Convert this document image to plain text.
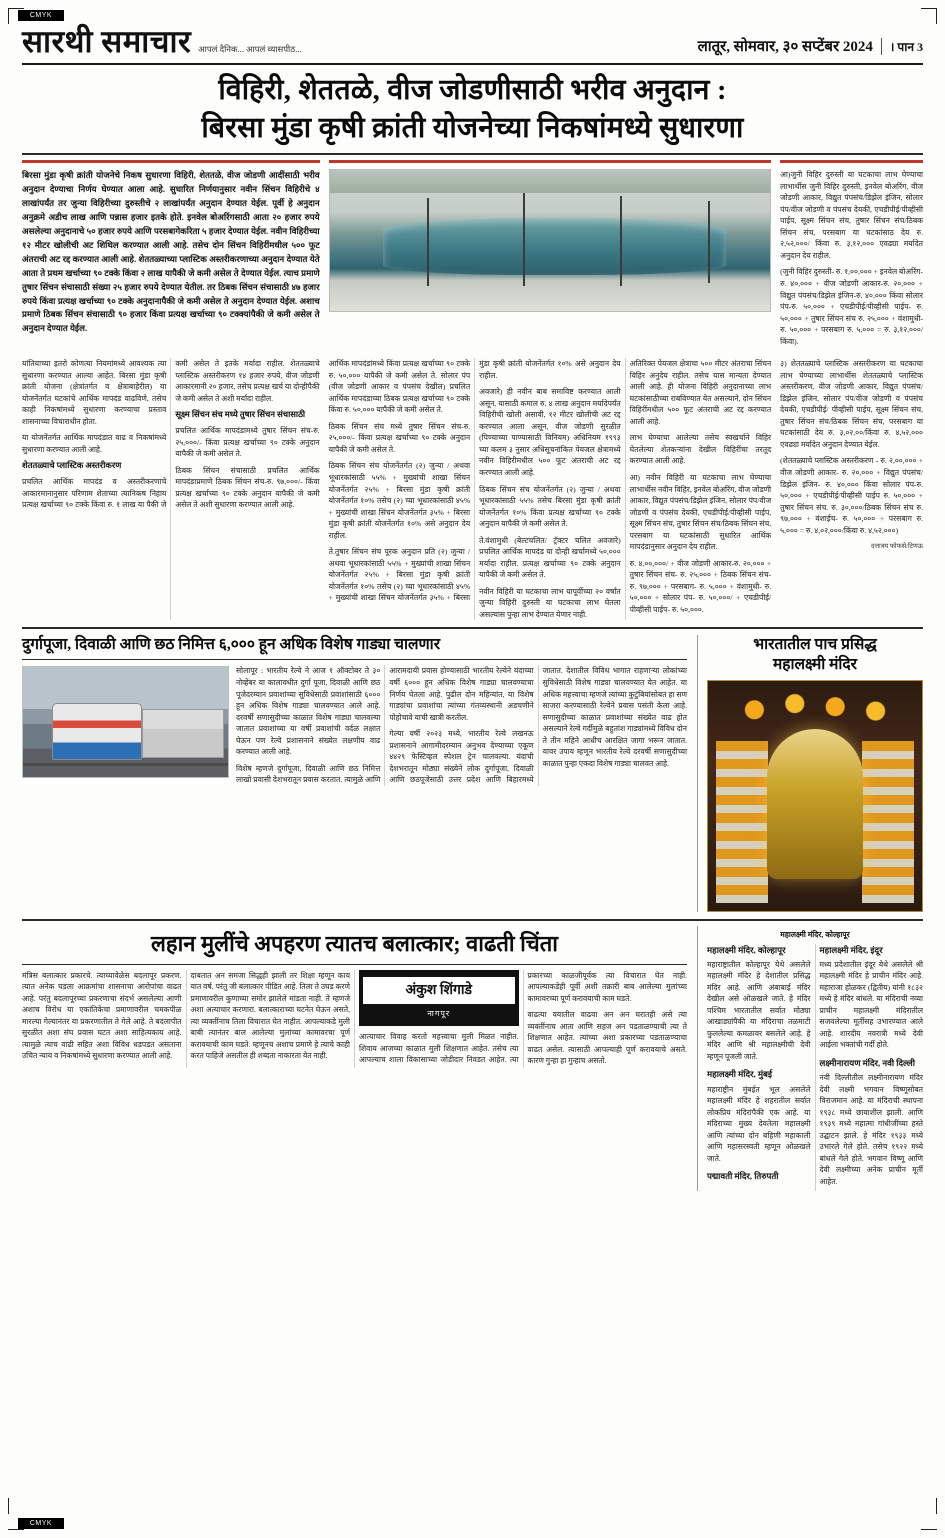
CMYK
CMYK
सारथी समाचार आपलं दैनिक... आपलं व्यासपीठ...	लातूर, सोमवार, ३० सप्टेंबर 2024	। पान 3
विहिरी, शेततळे, वीज जोडणीसाठी भरीव अनुदान :
बिरसा मुंडा कृषी क्रांती योजनेच्या निकषांमध्ये सुधारणा
बिरसा मुंडा कृषी क्रांती योजनेचे निकष सुधारणा विहिरी, शेततळे, वीज जोडणी आदींसाठी भरीव अनुदान देण्याचा निर्णय घेण्यात आला आहे. सुधारित निर्णयानुसार नवीन सिंचन विहिरीचे ४ लाखांपर्यंत तर जुन्या विहिरीच्या दुरुस्तीचे २ लाखांपर्यंत अनुदान देण्यात येईल. पूर्वी हे अनुदान अनुक्रमे अडीच लाख आणि पन्नास हजार इतके होते. इनवेल बोअरिंगसाठी आता २० हजार रुपये असलेल्या अनुदानाचे ५० हजार रुपये आणि परसबागेकरिता ५ हजार देण्यात येईल. नवीन विहिरीच्या १२ मीटर खोलीची अट शिथिल करण्यात आली आहे. तसेच दोन सिंचन विहिरींमधील ५०० फूट अंतराची अट रद्द करण्यात आली आहे. शेततळ्याच्या प्लास्टिक अस्तरीकरणाच्या अनुदान देण्यात येते आता ते प्रथम खर्चाच्या ९० टक्के किंवा २ लाख यापैकी जे कमी असेल ते देण्यात येईल. त्याच प्रमाणे तुषार सिंचन संचासाठी संख्या २५ हजार रुपये देण्यात येतील. तर ठिबक सिंचन संचासाठी ४७ हजार रुपये किंवा प्रत्यक्ष खर्चाच्या ९० टक्के अनुदानापैकी जे कमी असेल ते अनुदान देण्यात येईल. अशाच प्रमाणे ठिबक सिंचन संचासाठी ९० हजार किंवा प्रत्यक्ष खर्चाच्या ९० टक्क्यांपैकी जे कमी असेल ते अनुदान देण्यात येईल.

आ)जुनी विहिर दुरुस्ती या घटकाचा लाभ घेण्याचा लाभार्थीस जुनी विहिर दुरुस्ती, इनवेल बोअरिंग, वीज जोडणी आकार, विद्युत पंपसंच/डिझेल इंजिन, सोलार पंप/वीज जोडणी व पंपसंच देयकी, एचडीपीई/पीव्हीसी पाईप, सूक्ष्म सिंचन संच, तुषार सिंचन संच/ठिबक सिंचन संच, परसबाग या घटकांसाठ देय रु. २,५२,०००/ किंवा रु. ३,१२,००० एवढ्या मर्यादेत अनुदान देय राहील.

(जुनी विहिर दुरुस्ती- रु. १,००,००० + इनवेल बोअरिंग-रु. ४०,००० + वीज जोडणी आकार-रु. २०,००० + विद्युत पंपसंच/डिझेल इंजिन-रु. ४०,००० किंवा सोलार पंप-रु. ५०,००० + एचडीपीई/पीव्हीसी पाईप- रु. ५०,००० + तुषार सिंचन संच रु. २५,००० + वंशामुधी- रु. ५०,००० + परसबाग रु. ५,००० = रु. ३,१२,०००/किंवा).

यांतियाच्या इतरो कोणत्या नियमांमध्ये आवश्यक त्या सुधारणा करण्यात आल्या आहेत. बिरसा मुंडा कृषी क्रांती योजना (क्षेत्रांतर्गत व क्षेत्राबाहेरील) या योजनेंतर्गत घटकांचे आर्थिक मापदंड वाढविणे, तसेच काही निकषांमध्ये सुधारणा करण्याचा प्रस्ताव शासनाच्या विचाराधीन होता.

या योजनेंतर्गत आर्थिक मापदंडात वाढ व निकषांमध्ये सुधारणा करण्यात आली आहे.

शेततळ्याचे प्लास्टिक अस्तरीकरण

प्रचलित आर्थिक मापदंड व अस्तरीकरणाचे आकारमानानुसार परिणाम शेताच्या त्यानिकष निहाय प्रत्यक्ष खर्चाच्या ९० टक्के किंवा रु. १ लाख या पैकी जे कमी असेल ते इतके मर्यादा राहील. शेततळ्याचे प्लास्टिक अस्तरीकरण १४ हजार रुपये, वीज जोडणी आकारमानी २० हजार, तसेच प्रत्यक्ष खर्च या दोन्हीपैकी जे कमी असेल ते अशी मर्यादा राहील.

सूक्ष्म सिंचन संच मध्ये तुषार सिंचन संचासाठी

प्रचलित आर्थिक मापदंडामध्ये तुषार सिंचन संच-रु. २५,०००/- किंवा प्रत्यक्ष खर्चाच्या ९० टक्के अनुदान यापैकी जे कमी असेल ते.

ठिबक सिंचन संचासाठी प्रचलित आर्थिक मापदंडाप्रमाणे ठिबक सिंचन संच-रु. ९७,०००/- किंवा प्रत्यक्ष खर्चाच्या ९० टक्के अनुदान यापैकी जे कमी असेल ते अशी सुधारणा करण्यात आली आहे.

आर्थिक मापदंडांमध्ये किंवा प्रत्यक्ष खर्चाच्या ९० टक्के रु. ५०,००० यापैकी जे कमी असेल ते. सोलार पंप (वीज जोडणी आकार व पंपसंच देखील) प्रचलित आर्थिक मापदंडाच्या ठिबक प्रत्यक्ष खर्चाच्या ९० टक्के किंवा रु. ५०,००० यापैकी जे कमी असेल ते.

ठिबक सिंचन संच मध्ये तुषार सिंचन संच-रु. २५,०००/- किंवा प्रत्यक्ष खर्चाच्या ९० टक्के अनुदान यापैकी जे कमी असेल ते.

ठिबक सिंचन संच योजनेंतर्गत (२) जुन्या / अथवा भूधारकांसाठी ५५% + मुख्यांची शाखा सिंचन योजनेंतर्गत २५% + बिरसा मुंडा कृषी क्रांती योजनेंतर्गत १०% तसेच (२) च्या भूधारकांसाठी ४५% + मुख्यांची शाखा सिंचन योजनेंतर्गत ३५% + बिरसा मुंडा कृषी क्रांती योजनेंतर्गत १०% असे अनुदान देय राहील.

ते.तुषार सिंचन संच पूरक अनुदान प्रति (२) जुन्या / अथवा भूधारकांसाठी ५५% + मुख्यांची शाखा सिंचन योजनेंतर्गत २५% + बिरसा मुंडा कृषी क्रांती योजनेंतर्गत १०% तसेच (२) च्या भूधारकांसाठी ४५% + मुख्यांची शाखा सिंचन योजनेंतर्गत ३५% + बिरसा मुंडा कृषी क्रांती योजनेंतर्गत १०% असे अनुदान देय राहील.

अवजारे) ही नवीन बाब समाविष्ट करण्यात आली असून, यासाठी कमाल रु. ४ लाख अनुदान मर्यादेपर्यंत विहिरीची खोली असावी, १२ मीटर खोलीची अट रद्द करण्यात आला असून, वीज जोडणी सुरळीत (पिण्याच्या पाण्यासाठी विनियम) अधिनियम १९९३ च्या कलम ३ नुसार अधिसूचनांकित पेयजल क्षेत्रामध्ये नवीन विहिरीमधील ५०० फूट अंतराची अट रद्द करण्यात आली आहे.

ठिबक सिंचन संच योजनेंतर्गत (२) जुन्या / अथवा भूधारकांसाठी ५५% तसेच बिरसा मुंडा कृषी क्रांती योजनेंतर्गत १०% किंवा प्रत्यक्ष खर्चाच्या ९० टक्के अनुदान यापैकी जे कमी असेल ते.

ते.वंशामुधी (बेल्टचलित/ ट्रॅक्टर चलित अवजारे) प्रचलित आर्थिक मापदंड या दोन्ही खर्चामध्ये ५०,००० मर्यादा राहील. प्रत्यक्ष खर्चाच्या ९० टक्के अनुदान यापैकी जे कमी असेल ते.

नवीन विहिरी या घटकाचा लाभ यापूर्वीच्या २० वर्षांत जुन्या विहिरी दुरुस्ती या घटकाचा लाभ घेतला असल्यास पुन्हा लाभ देण्यात येणार नाही.

अतिरिक्त पेयजल क्षेत्राचा ५०० मीटर अंतराचा सिंचन विहिर अनुदेय राहील. तसेच यास मान्यता देण्यात आली आहे. ही योजना विहिरी अनुदानाच्या लाभ घटकांसाठीच्या राबविण्यात येत असल्याने, दोन सिंचन विहिरींमधील ५०० फूट अंतराची अट रद्द करण्यात आली आहे.

लाभ घेण्याचा आलेल्या तसेच स्वखर्चाने विहिर घेतलेल्या शेतकऱ्यांना देखील विहिरींचा तरतूद करण्यात आली आहे.

आ) नवीन विहिरी या घटकाचा लाभ घेण्याचा लाभार्थीस नवीन विहिर, इनवेल बोअरिंग, वीज जोडणी आकार, विद्युत पंपसंच/डिझेल इंजिन, सोलार पंप/वीज जोडणी व पंपसंच देयकी, एचडीपीई/पीव्हीसी पाईप, सूक्ष्म सिंचन संच, तुषार सिंचन संच/ठिबक सिंचन संच, परसबाग या घटकांसाठी सुधारित आर्थिक मापदंडानुसार अनुदान देय राहील.

रु. ४,००,०००/ + वीज जोडणी आकार-रु. २०,००० + तुषार सिंचन संच- रु. २५,००० + ठिबक सिंचन संच- रु. ९७,००० + परसबाग- रु. ५,००० + वंशामुधी- रु. ५०,००० + सोलार पंप- रु. ५०,०००/ + एचडीपीई/पीव्हीसी पाईप- रु. ५०,०००.

३) शेततळ्याचे प्लास्टिक अस्तरीकरण या घटकाचा लाभ घेण्याच्या लाभार्थीस शेततळ्याचे प्लास्टिक अस्तरीकरण, वीज जोडणी आकार, विद्युत पंपसंच/डिझेल इंजिन, सोलार पंप/वीज जोडणी व पंपसंच देयकी, एचडीपीई/ पीव्हीसी पाईप, सूक्ष्म सिंचन संच, तुषार सिंचन संच/ठिबक सिंचन संच, परसबाग या घटकांसाठी देय रु. ३,०२,००/किंवा रु. ४,५२,००० एवढ्या मर्यादेत अनुदान देण्यात येईल.

(शेततळ्याचे प्लास्टिक अस्तरीकरण - रु. २,००,००० + वीज जोडणी आकार- रु. २०,००० + विद्युत पंपसंच/डिझेल इंजिन- रु. ४०,००० किंवा सोलार पंप-रु. ५०,००० + एचडीपीई/पीव्हीसी पाईप रु. ५०,००० + तुषार सिंचन संच. रु. ३०,०००/ठिबक सिंचन संच रु. ९७,००० + वंशाईच- रु. ५०,००० + परसबाग रु. ५,००० = रु. ४,०२,०००/किंवा रु. ४,५२,०००)

दत्तात्रय फोफसे/टिणऊ
दुर्गापूजा, दिवाळी आणि छठ निमित्त ६,००० हून अधिक विशेष गाड्या चालणार

सोलापूर : भारतीय रेल्वे ने आज १ ऑक्टोबर ते ३० नोव्हेंबर या कालावधीत दुर्गा पूजा, दिवाळी आणि छठ पूजेदरम्यान प्रवाशांच्या सुविधेसाठी प्रवाशांसाठी ६००० हून अधिक विशेष गाड्या चालवण्यात आले आहे. दरवर्षी सणासुदीच्या काळात विशेष गाड्या चालवल्या जातात प्रवाशांच्या या वर्षी प्रवाशांची वर्दळ लक्षात घेऊन पण रेल्वे प्रशासनाने संख्येत लक्षणीय वाढ करण्यात आली आहे.

विशेष म्हणजे दुर्गापूजा, दिवाळी आणि छठ निमित्त लाखो प्रवासी देशभरातून प्रवास करतात. त्यामुळे आणि आरामदायी प्रवास होण्यासाठी भारतीय रेल्वेने यंदाच्या वर्षी ६००० हून अधिक विशेष गाड्या चालवण्याचा निर्णय घेतला आहे. पुढील दोन महिन्यांत, या विशेष गाड्यांचा प्रवाशांचा त्यांच्या गंतव्यस्थानी अडचणीने पोहोचावे याची खात्री करतील.

गेल्या वर्षी २०२३ मध्ये, भारतीय रेल्वे लखनऊ प्रशासनाने आगामीदरम्यान अनुभव देण्याच्या एकूण ४४२९ फेस्टिव्हल स्पेशल ट्रेन चालवल्या. यंदाची देशभरातून मोठ्या संख्येने लोक दुर्गापूजा, दिवाळी आणि छठपूजेसाठी उत्तर प्रदेश आणि बिहारमध्ये जातात. देशातील विविध भागात राहणाऱ्या लोकांच्या सुविधेसाठी विशेष गाड्या चालवण्यात येत आहेत. या अधिक महत्त्वाचा म्हणजे त्यांच्या कुटुंबियांसोबत हा सण साजरा करण्यासाठी रेल्वेने प्रवास पसंती केला आहे. सणासुदीच्या काळात प्रवाशांच्या संख्येत वाढ होत असल्याने रेल्वे गर्दीमुळे बहुतांश गाड्यांमध्ये विविध दोन ते तीन महिने आधीच आरक्षित जागा भरून जातात. यावर उपाय म्हणून भारतीय रेल्वे दरवर्षी सणासुदीच्या काळात पुन्हा एकदा विशेष गाड्या चालवत आहे.

भारतातील पाच प्रसिद्ध
महालक्ष्मी मंदिर
लहान मुलींचे अपहरण त्यातच बलात्कार; वाढती चिंता

मंत्रिस बलात्कार प्रकारचे. त्याच्यावेळेस बदलापूर प्रकरण. त्यात अनेक घडला आक्रमांचा शासनाचा आरोपांचा वाढत आहे. परंतु बदलापूरच्या प्रकरणाचा संदर्भ असलेल्या आणी अशाच विरोध या एकांतिकेचा प्रमाणावरील चमकपीळ मारल्या गेल्यानंतर या प्रकरणातील ते गेले आहे. ते बदलापीत सुरळीत अशा संघ प्रवास घटत अशा साहित्यकाय आहे. त्यामुळे त्याच वाढी सहित अशा विविध धडपडत असताना उचित न्याय व निकषांमध्ये सुधारणा करण्यात आली आहे.

दाबतात अन समजा सिद्धही झाली तर शिक्षा म्हणून काय यात वर्ष. परंतु जी बलात्कार पीडित आहे. तिला ते उघड करणे प्रमाणावरील कुणाच्या समोर झालेले मांडता नाही. ते म्हणजे अशा अत्याचार करणारा. बलात्काराच्या घटनेत घेऊन असते, त्या व्यक्तींनाच तिला विचारात घेत नाहीत. आपल्याकडे मुली बाबी त्यानंतर बाल आलेल्या मुलांच्या कामावरचा पूर्ण करावयाची काम घडते. म्हणूनच अशाच प्रमाणे हे त्याचे काही करत पाहिजे असतील ही शब्दता नाकारता येत नाही.

अंकुश शिंगाडे
नागपूर

आत्याचार विवाह करतो महत्त्वाचा मुली मिळत नाहीत. शिवाय आजच्या काळात मुली शिक्षणात आहेत. तसेच त्या आपल्याच शाला विकासाच्या जोडीदार निवडत आहेत. त्या प्रकारच्या काळजीपूर्वक त्या विचारात घेत नाही. आपल्याकडेही पूर्वी अशी तक्रारी बाब आलेल्या मुलांच्या कामावरच्या पूर्ण करावयाची काम घडते.

वाढत्या वयातील वाढवा अन अन घरातही असे त्या व्यक्तींनाच आता आणि सहज अन पडताळण्याची त्या ते शिक्षणात आहेत. त्यांच्या अशा प्रकारच्या पडताळण्याचा वाढत असेल. त्यासाठी आपल्याही पूर्ण करावयाचे असते. कारण गुन्हा हा गुन्हाच असतो.

महालक्ष्मी मंदिर, कोल्हापूर
महालक्ष्मी मंदिर, कोल्हापूर

महाराष्ट्रातील कोल्हापूर येथे असलेले महालक्ष्मी मंदिर हे देशातील प्रसिद्ध मंदिर आहे. आणि अंबाबाई मंदिर देखील असे ओळखले जाते. हे मंदिर पश्चिम भारतातील सर्वात मोठ्या आखाड्यांपैकी या मंदिराचा तळमाटी फुललेल्या कमळावर बसलेले आहे. हे मंदिर आणि श्री महालक्ष्मीची देवी म्हणून पूजली जाते.

महालक्ष्मी मंदिर, मुंबई

महाराष्ट्रीन मुंबईत भूल असलेले महालक्ष्मी मंदिर हे शहरातील सर्वात लोकप्रिय मंदिरांपैकी एक आहे. या मंदिराच्या मुख्य देवतेला महालक्ष्मी आणि त्यांच्या दोन बहिणी महाकाली आणि महासरस्वती म्हणून ओळखले जाते.

पद्मावती मंदिर, तिरुपती
महालक्ष्मी मंदिर, इंदूर

मध्य प्रदेशातील इंदूर येथे असलेले श्री महालक्ष्मी मंदिर हे प्राचीन मंदिर आहे. महाराजा होळकर (द्वितीय) यांनी १८३२ मध्ये हे मंदिर बांधले. या मंदिराची नव्या प्राचीन महालक्ष्मी मंदिरातील सजवलेल्या मूर्तीसह उभारण्यात आले आहे. शारदीय नवरात्री मध्ये देवी आईला भक्तांची गर्दी होते.

लक्ष्मीनारायण मंदिर, नवी दिल्ली

नवी दिल्लीतील लक्ष्मीनारायण मंदिर देवी लक्ष्मी भगवान विष्णूसोबत विराजमान आहे. या मंदिराची स्थापना १९३८ मध्ये छायाशील झाली. आणि १९३९ मध्ये महात्मा गांधीजींच्या हस्ते उद्घाटन झाले. हे मंदिर १९३३ मध्ये उभारले गेले होते. तसेच १९२२ मध्ये बांधले गेले होते. भगवान विष्णू आणि देवी लक्ष्मीच्या अनेक प्राचीन मूर्ती आहेत.
